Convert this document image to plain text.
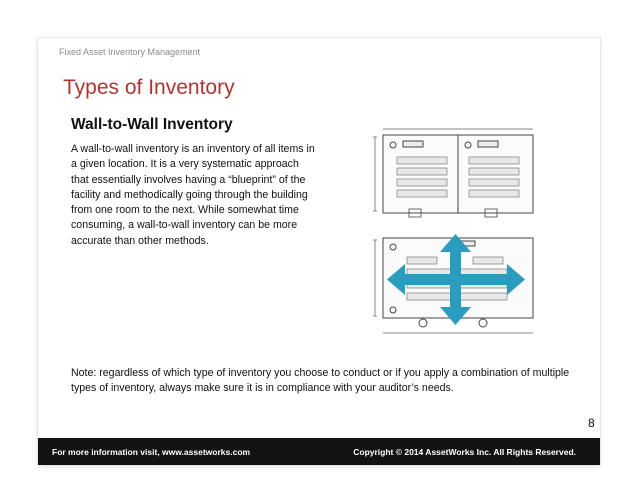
Fixed Asset Inventory Management
Types of Inventory
Wall-to-Wall Inventory
A wall-to-wall inventory is an inventory of all items in a given location. It is a very systematic approach that essentially involves having a “blueprint” of the facility and methodically going through the building from one room to the next. While somewhat time consuming, a wall-to-wall inventory can be more accurate than other methods.
Note: regardless of which type of inventory you choose to conduct or if you apply a combination of multiple types of inventory, always make sure it is in compliance with your auditor’s needs.
8
For more information visit, www.assetworks.com	Copyright © 2014 AssetWorks Inc. All Rights Reserved.
